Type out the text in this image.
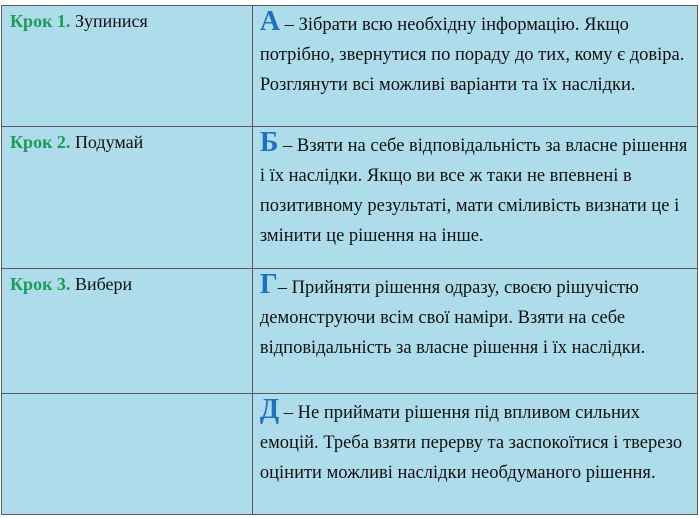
Крок 1. Зупинися	А – Зібрати всю необхідну інформацію. Якщо потрібно, звернутися по пораду до тих, кому є довіра. Розглянути всі можливі варіанти та їх наслідки.
Крок 2. Подумай	Б – Взяти на себе відповідальність за власне рішення і їх наслідки. Якщо ви все ж таки не впевнені в позитивному результаті, мати сміливість визнати це і змінити це рішення на інше.
Крок 3. Вибери	Г– Прийняти рішення одразу, своєю рішучістю демонструючи всім свої наміри. Взяти на себе відповідальність за власне рішення і їх наслідки.
	Д – Не приймати рішення під впливом сильних емоцій. Треба взяти перерву та заспокоїтися і тверезо оцінити можливі наслідки необдуманого рішення.
